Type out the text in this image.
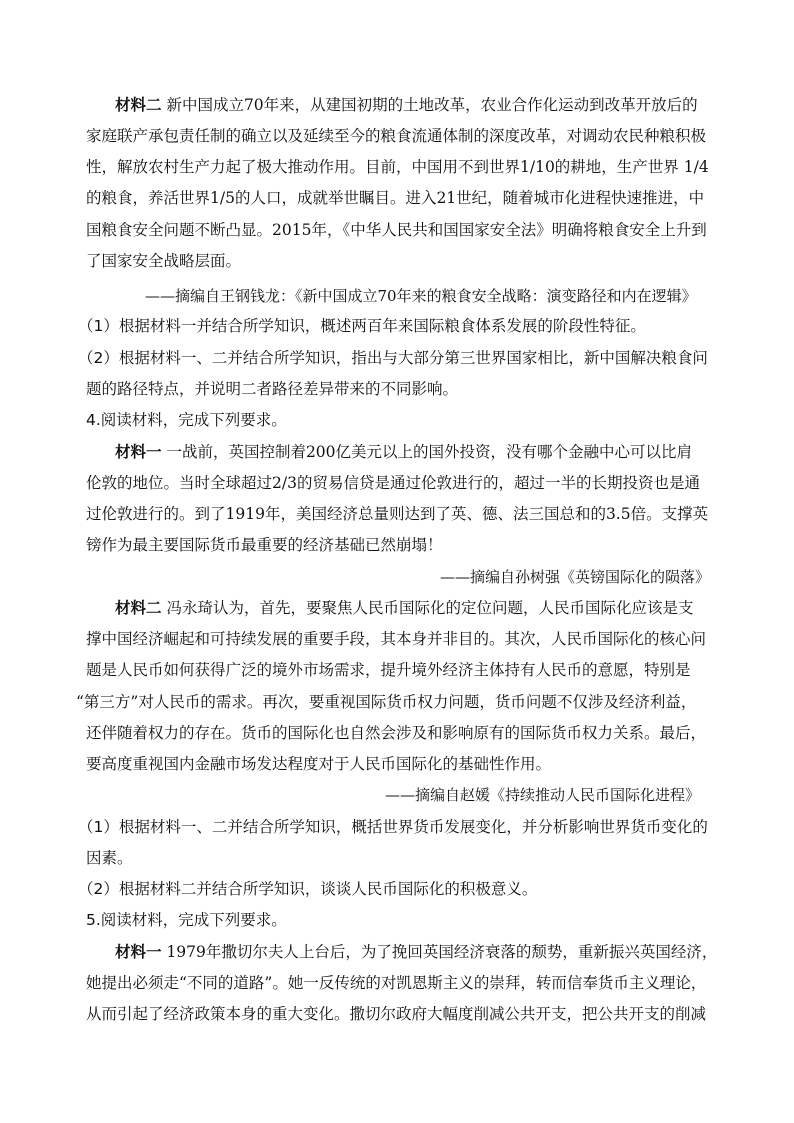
材料二 新中国成立70年来，从建国初期的土地改革，农业合作化运动到改革开放后的
家庭联产承包责任制的确立以及延续至今的粮食流通体制的深度改革，对调动农民种粮积极
性，解放农村生产力起了极大推动作用。目前，中国用不到世界1/10的耕地，生产世界 1/4
的粮食，养活世界1/5的人口，成就举世瞩目。进入21世纪，随着城市化进程快速推进，中
国粮食安全问题不断凸显。2015年，《中华人民共和国国家安全法》明确将粮食安全上升到
了国家安全战略层面。
——摘编自王钢钱龙：《新中国成立70年来的粮食安全战略：演变路径和内在逻辑》
（1）根据材料一并结合所学知识，概述两百年来国际粮食体系发展的阶段性特征。
（2）根据材料一、二并结合所学知识，指出与大部分第三世界国家相比，新中国解决粮食问
题的路径特点，并说明二者路径差异带来的不同影响。
4.阅读材料，完成下列要求。
材料一 一战前，英国控制着200亿美元以上的国外投资，没有哪个金融中心可以比肩
伦敦的地位。当时全球超过2/3的贸易信贷是通过伦敦进行的，超过一半的长期投资也是通
过伦敦进行的。到了1919年，美国经济总量则达到了英、德、法三国总和的3.5倍。支撑英
镑作为最主要国际货币最重要的经济基础已然崩塌！
——摘编自孙树强《英镑国际化的陨落》
材料二 冯永琦认为，首先，要聚焦人民币国际化的定位问题，人民币国际化应该是支
撑中国经济崛起和可持续发展的重要手段，其本身并非目的。其次，人民币国际化的核心问
题是人民币如何获得广泛的境外市场需求，提升境外经济主体持有人民币的意愿，特别是
“第三方”对人民币的需求。再次，要重视国际货币权力问题，货币问题不仅涉及经济利益，
还伴随着权力的存在。货币的国际化也自然会涉及和影响原有的国际货币权力关系。最后，
要高度重视国内金融市场发达程度对于人民币国际化的基础性作用。
——摘编自赵媛《持续推动人民币国际化进程》
（1）根据材料一、二并结合所学知识，概括世界货币发展变化，并分析影响世界货币变化的
因素。
（2）根据材料二并结合所学知识，谈谈人民币国际化的积极意义。
5.阅读材料，完成下列要求。
材料一 1979年撒切尔夫人上台后，为了挽回英国经济衰落的颓势，重新振兴英国经济，
她提出必须走“不同的道路”。她一反传统的对凯恩斯主义的崇拜，转而信奉货币主义理论，
从而引起了经济政策本身的重大变化。撒切尔政府大幅度削减公共开支，把公共开支的削减
